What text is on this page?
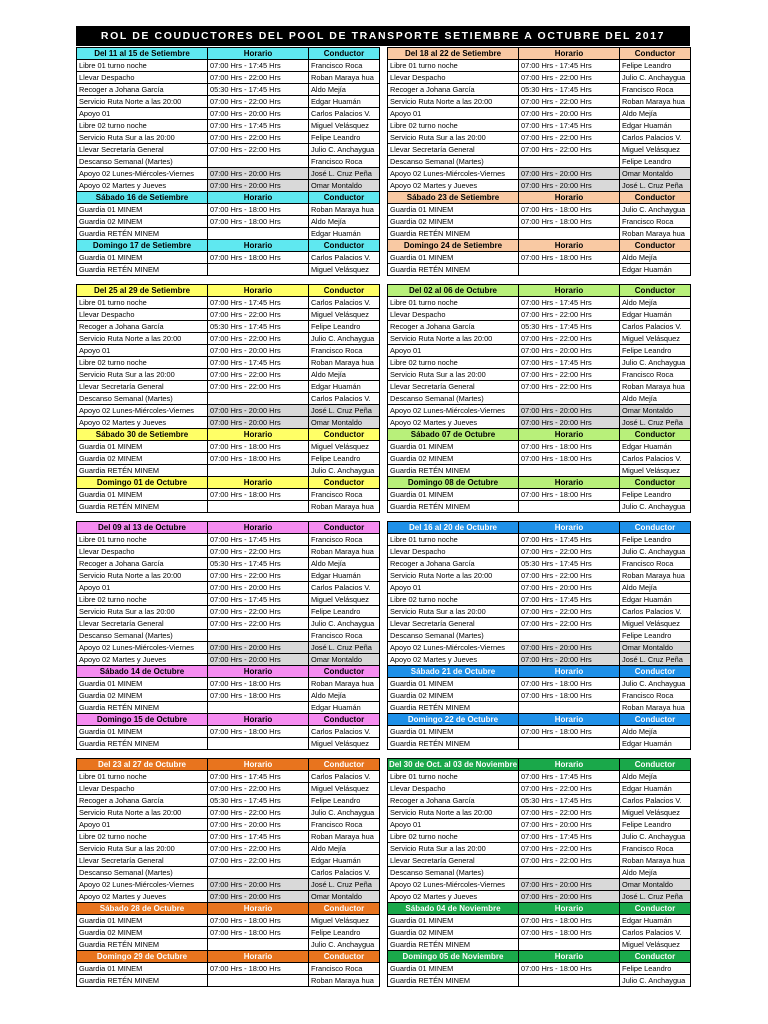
ROL DE COUDUCTORES DEL POOL DE TRANSPORTE SETIEMBRE A OCTUBRE DEL 2017
Del 11 al 15 de Setiembre	Horario	Conductor
Libre 01 turno noche	07:00 Hrs - 17:45 Hrs	Francisco Roca
Llevar Despacho	07:00 Hrs - 22:00 Hrs	Roban Maraya hua
Recoger a Johana García	05:30 Hrs - 17:45 Hrs	Aldo Mejía
Servicio Ruta Norte a las 20:00	07:00 Hrs - 22:00 Hrs	Edgar Huamán
Apoyo 01	07:00 Hrs - 20:00 Hrs	Carlos Palacios V.
Libre 02 turno noche	07:00 Hrs - 17:45 Hrs	Miguel Velásquez
Servicio Ruta Sur a las 20:00	07:00 Hrs - 22:00 Hrs	Felipe Leandro
Llevar Secretaría General	07:00 Hrs - 22:00 Hrs	Julio C. Anchaygua
Descanso Semanal (Martes)		Francisco Roca
Apoyo 02 Lunes-Miércoles-Viernes	07:00 Hrs - 20:00 Hrs	José L. Cruz Peña
Apoyo 02 Martes y Jueves	07:00 Hrs - 20:00 Hrs	Omar Montaldo
Sábado 16 de Setiembre	Horario	Conductor
Guardia 01 MINEM	07:00 Hrs - 18:00 Hrs	Roban Maraya hua
Guardia 02 MINEM	07:00 Hrs - 18:00 Hrs	Aldo Mejía
Guardia RETÉN MINEM		Edgar Huamán
Domingo 17 de Setiembre	Horario	Conductor
Guardia 01 MINEM	07:00 Hrs - 18:00 Hrs	Carlos Palacios V.
Guardia RETÉN MINEM		Miguel Velásquez
Del 18 al 22 de Setiembre	Horario	Conductor
Libre 01 turno noche	07:00 Hrs - 17:45 Hrs	Felipe Leandro
Llevar Despacho	07:00 Hrs - 22:00 Hrs	Julio C. Anchaygua
Recoger a Johana García	05:30 Hrs - 17:45 Hrs	Francisco Roca
Servicio Ruta Norte a las 20:00	07:00 Hrs - 22:00 Hrs	Roban Maraya hua
Apoyo 01	07:00 Hrs - 20:00 Hrs	Aldo Mejía
Libre 02 turno noche	07:00 Hrs - 17:45 Hrs	Edgar Huamán
Servicio Ruta Sur a las 20:00	07:00 Hrs - 22:00 Hrs	Carlos Palacios V.
Llevar Secretaría General	07:00 Hrs - 22:00 Hrs	Miguel Velásquez
Descanso Semanal (Martes)		Felipe Leandro
Apoyo 02 Lunes-Miércoles-Viernes	07:00 Hrs - 20:00 Hrs	Omar Montaldo
Apoyo 02 Martes y Jueves	07:00 Hrs - 20:00 Hrs	José L. Cruz Peña
Sábado 23 de Setiembre	Horario	Conductor
Guardia 01 MINEM	07:00 Hrs - 18:00 Hrs	Julio C. Anchaygua
Guardia 02 MINEM	07:00 Hrs - 18:00 Hrs	Francisco Roca
Guardia RETÉN MINEM		Roban Maraya hua
Domingo 24 de Setiembre	Horario	Conductor
Guardia 01 MINEM	07:00 Hrs - 18:00 Hrs	Aldo Mejía
Guardia RETÉN MINEM		Edgar Huamán
Del 25 al 29 de Setiembre	Horario	Conductor
Libre 01 turno noche	07:00 Hrs - 17:45 Hrs	Carlos Palacios V.
Llevar Despacho	07:00 Hrs - 22:00 Hrs	Miguel Velásquez
Recoger a Johana García	05:30 Hrs - 17:45 Hrs	Felipe Leandro
Servicio Ruta Norte a las 20:00	07:00 Hrs - 22:00 Hrs	Julio C. Anchaygua
Apoyo 01	07:00 Hrs - 20:00 Hrs	Francisco Roca
Libre 02 turno noche	07:00 Hrs - 17:45 Hrs	Roban Maraya hua
Servicio Ruta Sur a las 20:00	07:00 Hrs - 22:00 Hrs	Aldo Mejía
Llevar Secretaría General	07:00 Hrs - 22:00 Hrs	Edgar Huamán
Descanso Semanal (Martes)		Carlos Palacios V.
Apoyo 02 Lunes-Miércoles-Viernes	07:00 Hrs - 20:00 Hrs	José L. Cruz Peña
Apoyo 02 Martes y Jueves	07:00 Hrs - 20:00 Hrs	Omar Montaldo
Sábado 30 de Setiembre	Horario	Conductor
Guardia 01 MINEM	07:00 Hrs - 18:00 Hrs	Miguel Velásquez
Guardia 02 MINEM	07:00 Hrs - 18:00 Hrs	Felipe Leandro
Guardia RETÉN MINEM		Julio C. Anchaygua
Domingo 01 de Octubre	Horario	Conductor
Guardia 01 MINEM	07:00 Hrs - 18:00 Hrs	Francisco Roca
Guardia RETÉN MINEM		Roban Maraya hua
Del 02 al 06 de Octubre	Horario	Conductor
Libre 01 turno noche	07:00 Hrs - 17:45 Hrs	Aldo Mejía
Llevar Despacho	07:00 Hrs - 22:00 Hrs	Edgar Huamán
Recoger a Johana García	05:30 Hrs - 17:45 Hrs	Carlos Palacios V.
Servicio Ruta Norte a las 20:00	07:00 Hrs - 22:00 Hrs	Miguel Velásquez
Apoyo 01	07:00 Hrs - 20:00 Hrs	Felipe Leandro
Libre 02 turno noche	07:00 Hrs - 17:45 Hrs	Julio C. Anchaygua
Servicio Ruta Sur a las 20:00	07:00 Hrs - 22:00 Hrs	Francisco Roca
Llevar Secretaría General	07:00 Hrs - 22:00 Hrs	Roban Maraya hua
Descanso Semanal (Martes)		Aldo Mejía
Apoyo 02 Lunes-Miércoles-Viernes	07:00 Hrs - 20:00 Hrs	Omar Montaldo
Apoyo 02 Martes y Jueves	07:00 Hrs - 20:00 Hrs	José L. Cruz Peña
Sábado 07 de Octubre	Horario	Conductor
Guardia 01 MINEM	07:00 Hrs - 18:00 Hrs	Edgar Huamán
Guardia 02 MINEM	07:00 Hrs - 18:00 Hrs	Carlos Palacios V.
Guardia RETÉN MINEM		Miguel Velásquez
Domingo 08 de Octubre	Horario	Conductor
Guardia 01 MINEM	07:00 Hrs - 18:00 Hrs	Felipe Leandro
Guardia RETÉN MINEM		Julio C. Anchaygua
Del 09 al 13 de Octubre	Horario	Conductor
Libre 01 turno noche	07:00 Hrs - 17:45 Hrs	Francisco Roca
Llevar Despacho	07:00 Hrs - 22:00 Hrs	Roban Maraya hua
Recoger a Johana García	05:30 Hrs - 17:45 Hrs	Aldo Mejía
Servicio Ruta Norte a las 20:00	07:00 Hrs - 22:00 Hrs	Edgar Huamán
Apoyo 01	07:00 Hrs - 20:00 Hrs	Carlos Palacios V.
Libre 02 turno noche	07:00 Hrs - 17:45 Hrs	Miguel Velásquez
Servicio Ruta Sur a las 20:00	07:00 Hrs - 22:00 Hrs	Felipe Leandro
Llevar Secretaría General	07:00 Hrs - 22:00 Hrs	Julio C. Anchaygua
Descanso Semanal (Martes)		Francisco Roca
Apoyo 02 Lunes-Miércoles-Viernes	07:00 Hrs - 20:00 Hrs	José L. Cruz Peña
Apoyo 02 Martes y Jueves	07:00 Hrs - 20:00 Hrs	Omar Montaldo
Sábado 14 de Octubre	Horario	Conductor
Guardia 01 MINEM	07:00 Hrs - 18:00 Hrs	Roban Maraya hua
Guardia 02 MINEM	07:00 Hrs - 18:00 Hrs	Aldo Mejía
Guardia RETÉN MINEM		Edgar Huamán
Domingo 15 de Octubre	Horario	Conductor
Guardia 01 MINEM	07:00 Hrs - 18:00 Hrs	Carlos Palacios V.
Guardia RETÉN MINEM		Miguel Velásquez
Del 16 al 20 de Octubre	Horario	Conductor
Libre 01 turno noche	07:00 Hrs - 17:45 Hrs	Felipe Leandro
Llevar Despacho	07:00 Hrs - 22:00 Hrs	Julio C. Anchaygua
Recoger a Johana García	05:30 Hrs - 17:45 Hrs	Francisco Roca
Servicio Ruta Norte a las 20:00	07:00 Hrs - 22:00 Hrs	Roban Maraya hua
Apoyo 01	07:00 Hrs - 20:00 Hrs	Aldo Mejía
Libre 02 turno noche	07:00 Hrs - 17:45 Hrs	Edgar Huamán
Servicio Ruta Sur a las 20:00	07:00 Hrs - 22:00 Hrs	Carlos Palacios V.
Llevar Secretaría General	07:00 Hrs - 22:00 Hrs	Miguel Velásquez
Descanso Semanal (Martes)		Felipe Leandro
Apoyo 02 Lunes-Miércoles-Viernes	07:00 Hrs - 20:00 Hrs	Omar Montaldo
Apoyo 02 Martes y Jueves	07:00 Hrs - 20:00 Hrs	José L. Cruz Peña
Sábado 21 de Octubre	Horario	Conductor
Guardia 01 MINEM	07:00 Hrs - 18:00 Hrs	Julio C. Anchaygua
Guardia 02 MINEM	07:00 Hrs - 18:00 Hrs	Francisco Roca
Guardia RETÉN MINEM		Roban Maraya hua
Domingo 22 de Octubre	Horario	Conductor
Guardia 01 MINEM	07:00 Hrs - 18:00 Hrs	Aldo Mejía
Guardia RETÉN MINEM		Edgar Huamán
Del 23 al 27 de Octubre	Horario	Conductor
Libre 01 turno noche	07:00 Hrs - 17:45 Hrs	Carlos Palacios V.
Llevar Despacho	07:00 Hrs - 22:00 Hrs	Miguel Velásquez
Recoger a Johana García	05:30 Hrs - 17:45 Hrs	Felipe Leandro
Servicio Ruta Norte a las 20:00	07:00 Hrs - 22:00 Hrs	Julio C. Anchaygua
Apoyo 01	07:00 Hrs - 20:00 Hrs	Francisco Roca
Libre 02 turno noche	07:00 Hrs - 17:45 Hrs	Roban Maraya hua
Servicio Ruta Sur a las 20:00	07:00 Hrs - 22:00 Hrs	Aldo Mejía
Llevar Secretaría General	07:00 Hrs - 22:00 Hrs	Edgar Huamán
Descanso Semanal (Martes)		Carlos Palacios V.
Apoyo 02 Lunes-Miércoles-Viernes	07:00 Hrs - 20:00 Hrs	José L. Cruz Peña
Apoyo 02 Martes y Jueves	07:00 Hrs - 20:00 Hrs	Omar Montaldo
Sábado 28 de Octubre	Horario	Conductor
Guardia 01 MINEM	07:00 Hrs - 18:00 Hrs	Miguel Velásquez
Guardia 02 MINEM	07:00 Hrs - 18:00 Hrs	Felipe Leandro
Guardia RETÉN MINEM		Julio C. Anchaygua
Domingo 29 de Octubre	Horario	Conductor
Guardia 01 MINEM	07:00 Hrs - 18:00 Hrs	Francisco Roca
Guardia RETÉN MINEM		Roban Maraya hua
Del 30 de Oct. al 03 de Noviembre	Horario	Conductor
Libre 01 turno noche	07:00 Hrs - 17:45 Hrs	Aldo Mejía
Llevar Despacho	07:00 Hrs - 22:00 Hrs	Edgar Huamán
Recoger a Johana García	05:30 Hrs - 17:45 Hrs	Carlos Palacios V.
Servicio Ruta Norte a las 20:00	07:00 Hrs - 22:00 Hrs	Miguel Velásquez
Apoyo 01	07:00 Hrs - 20:00 Hrs	Felipe Leandro
Libre 02 turno noche	07:00 Hrs - 17:45 Hrs	Julio C. Anchaygua
Servicio Ruta Sur a las 20:00	07:00 Hrs - 22:00 Hrs	Francisco Roca
Llevar Secretaría General	07:00 Hrs - 22:00 Hrs	Roban Maraya hua
Descanso Semanal (Martes)		Aldo Mejía
Apoyo 02 Lunes-Miércoles-Viernes	07:00 Hrs - 20:00 Hrs	Omar Montaldo
Apoyo 02 Martes y Jueves	07:00 Hrs - 20:00 Hrs	José L. Cruz Peña
Sábado 04 de Noviembre	Horario	Conductor
Guardia 01 MINEM	07:00 Hrs - 18:00 Hrs	Edgar Huamán
Guardia 02 MINEM	07:00 Hrs - 18:00 Hrs	Carlos Palacios V.
Guardia RETÉN MINEM		Miguel Velásquez
Domingo 05 de Noviembre	Horario	Conductor
Guardia 01 MINEM	07:00 Hrs - 18:00 Hrs	Felipe Leandro
Guardia RETÉN MINEM		Julio C. Anchaygua
